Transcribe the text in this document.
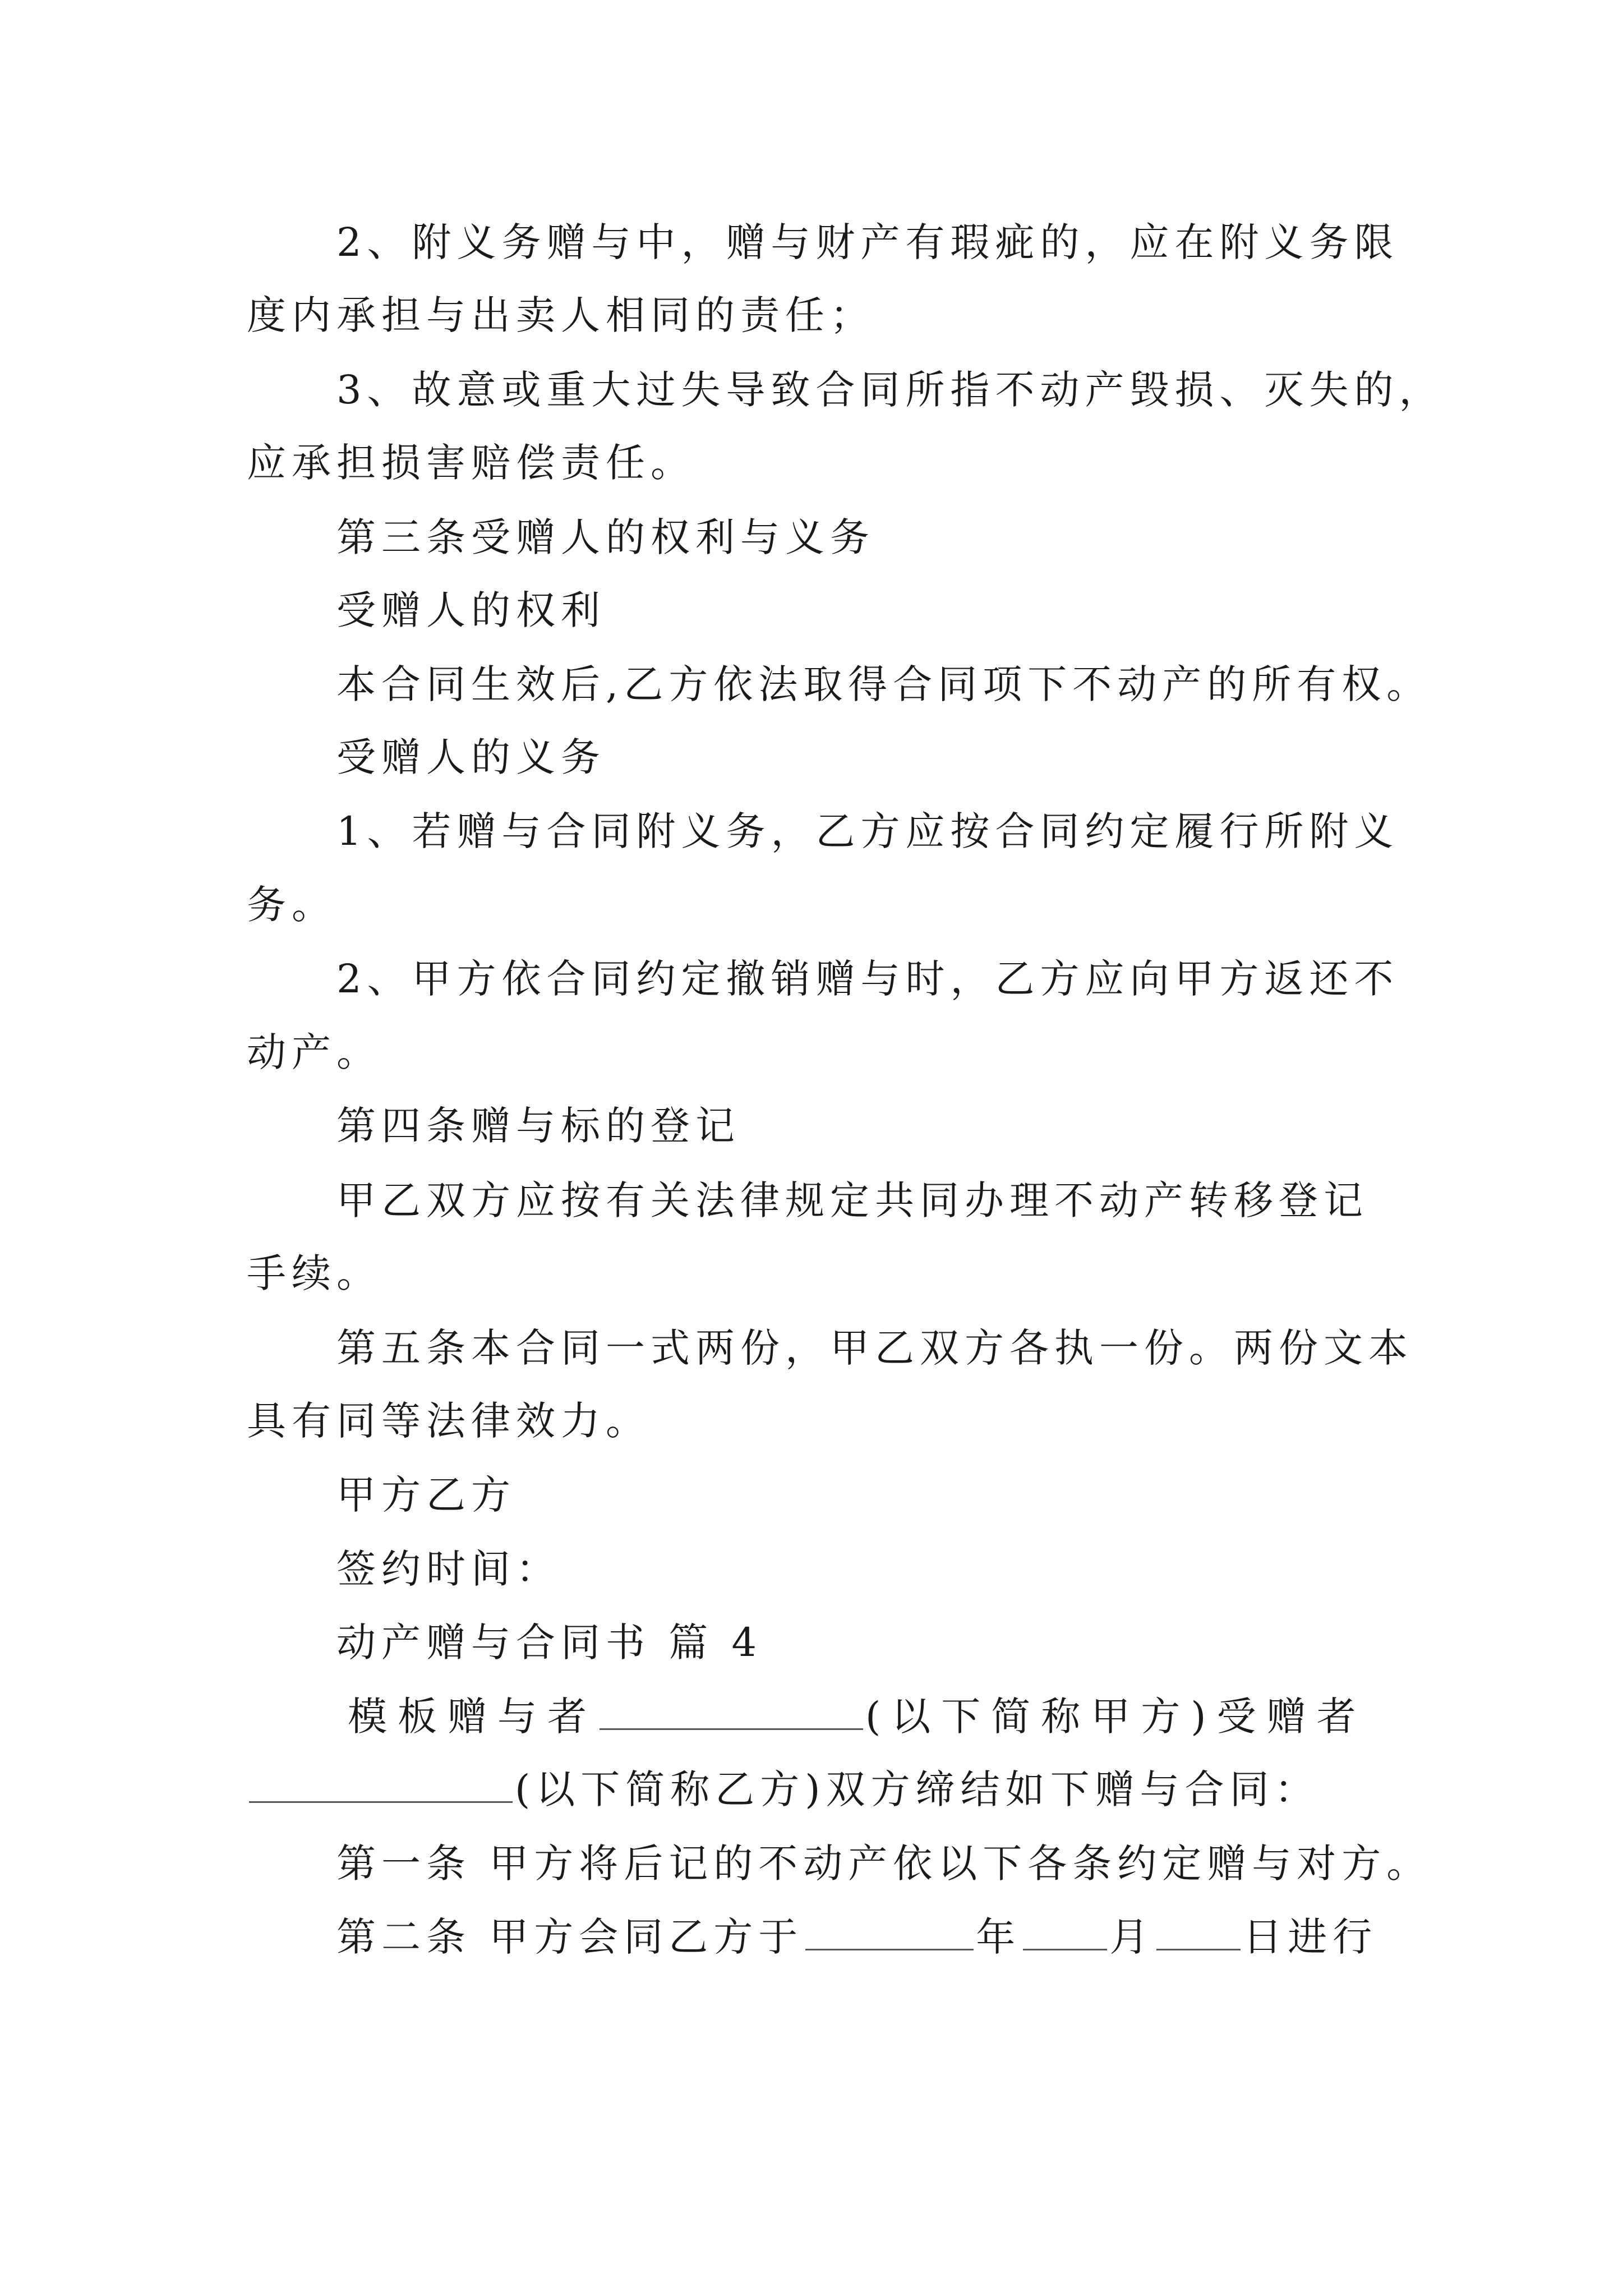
2、附义务赠与中，赠与财产有瑕疵的，应在附义务限
度内承担与出卖人相同的责任；
3、故意或重大过失导致合同所指不动产毁损、灭失的，
应承担损害赔偿责任。
第三条受赠人的权利与义务
受赠人的权利
本合同生效后,乙方依法取得合同项下不动产的所有权。
受赠人的义务
1、若赠与合同附义务，乙方应按合同约定履行所附义
务。
2、甲方依合同约定撤销赠与时，乙方应向甲方返还不
动产。
第四条赠与标的登记
甲乙双方应按有关法律规定共同办理不动产转移登记
手续。
第五条本合同一式两份，甲乙双方各执一份。两份文本
具有同等法律效力。
甲方乙方
签约时间：
动产赠与合同书 篇 4
模板赠与者	(以下简称甲方)受赠者
(以下简称乙方)双方缔结如下赠与合同：
第一条 甲方将后记的不动产依以下各条约定赠与对方。
第二条 甲方会同乙方于	年 月 日进行
